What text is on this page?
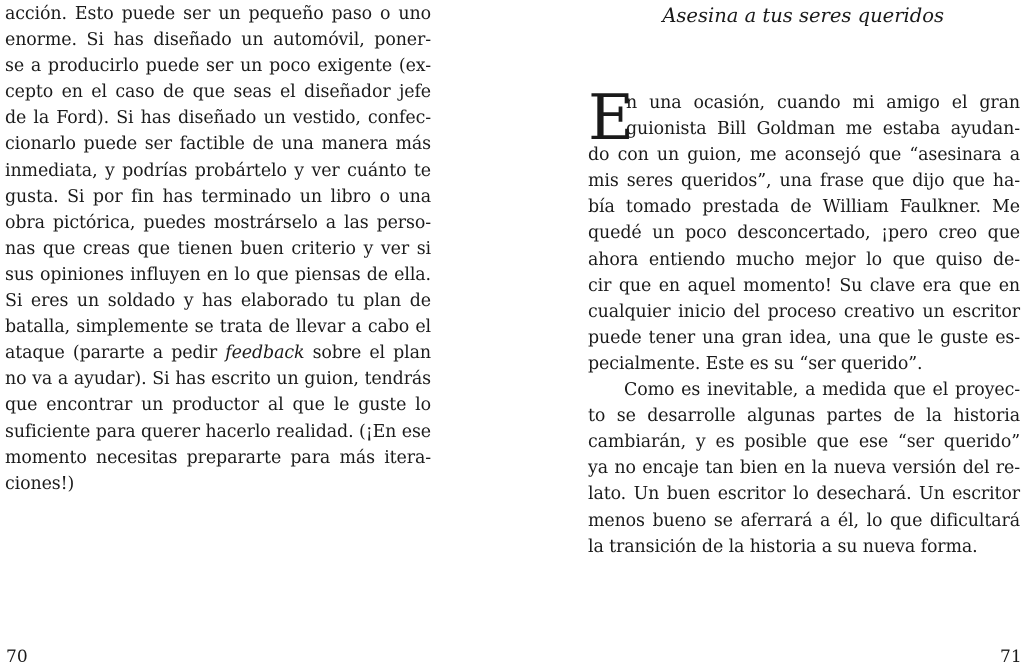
acción. Esto puede ser un pequeño paso o uno
enorme. Si has diseñado un automóvil, poner-
se a producirlo puede ser un poco exigente (ex-
cepto en el caso de que seas el diseñador jefe
de la Ford). Si has diseñado un vestido, confec-
cionarlo puede ser factible de una manera más
inmediata, y podrías probártelo y ver cuánto te
gusta. Si por fin has terminado un libro o una
obra pictórica, puedes mostrárselo a las perso-
nas que creas que tienen buen criterio y ver si
sus opiniones influyen en lo que piensas de ella.
Si eres un soldado y has elaborado tu plan de
batalla, simplemente se trata de llevar a cabo el
ataque (pararte a pedir feedback sobre el plan
no va a ayudar). Si has escrito un guion, tendrás
que encontrar un productor al que le guste lo
suficiente para querer hacerlo realidad. (¡En ese
momento necesitas prepararte para más itera-
ciones!)
70
Asesina a tus seres queridos
E
n una ocasión, cuando mi amigo el gran
guionista Bill Goldman me estaba ayudan-
do con un guion, me aconsejó que “asesinara a
mis seres queridos”, una frase que dijo que ha-
bía tomado prestada de William Faulkner. Me
quedé un poco desconcertado, ¡pero creo que
ahora entiendo mucho mejor lo que quiso de-
cir que en aquel momento! Su clave era que en
cualquier inicio del proceso creativo un escritor
puede tener una gran idea, una que le guste es-
pecialmente. Este es su “ser querido”.
Como es inevitable, a medida que el proyec-
to se desarrolle algunas partes de la historia
cambiarán, y es posible que ese “ser querido”
ya no encaje tan bien en la nueva versión del re-
lato. Un buen escritor lo desechará. Un escritor
menos bueno se aferrará a él, lo que dificultará
la transición de la historia a su nueva forma.
71
